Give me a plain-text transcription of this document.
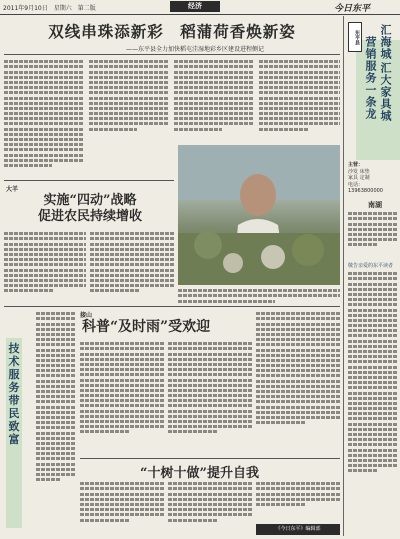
2011年9月10日　 星期六　 第二版	经济	今日东平
双线串珠添新彩　稻蒲荷香焕新姿
——东平县全力加快稻屯洼湿地彩乡区建设进程侧记
大羊
实施“四动”战略
促进农民持续增收
汇海城
汇大家具城
营销服务一条龙
东平县
主营：
沙发 床垫
家具 定制
电话：
13963800000
南湖
敬告亲爱的东平读者
技
术
服
务
带
民
致
富
接山
科普“及时雨”受欢迎
“十树十做”提升自我
《今日东平》编辑部
